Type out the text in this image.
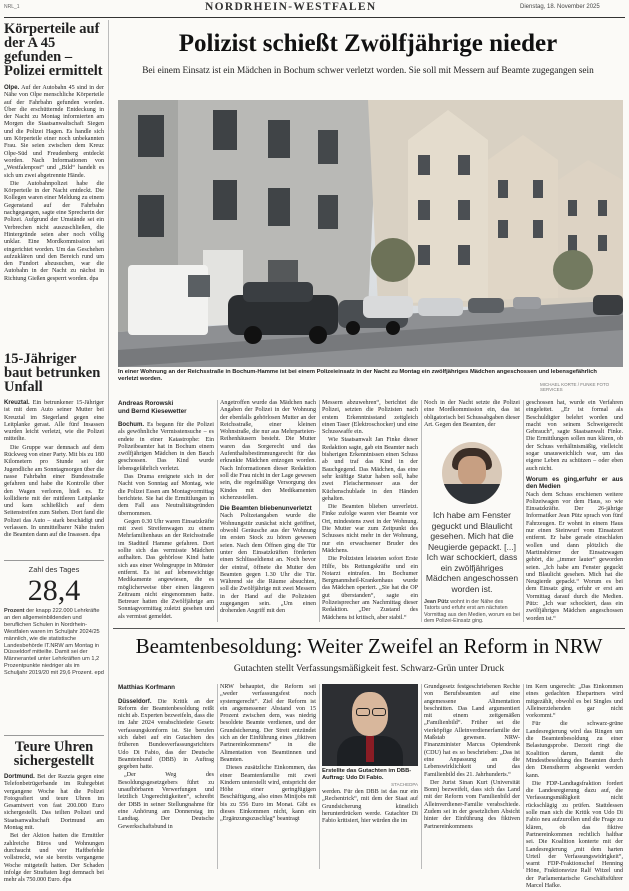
NRL_1	NORDRHEIN-WESTFALEN	Dienstag, 18. November 2025
Körperteile auf der A 45 gefunden – Polizei ermittelt

Olpe. Auf der Autobahn 45 sind in der Nähe von Olpe menschliche Körperteile auf der Fahrbahn gefunden worden. Über die erschütternde Entdeckung in der Nacht zu Montag informierten am Morgen die Staatsanwaltschaft Siegen und die Polizei Hagen. Es handle sich um Körperteile einer noch unbekannten Frau. Sie seien zwischen dem Kreuz Olpe-Süd und Freudenberg entdeckt worden. Nach Informationen von „Westfalenpost“ und „Bild“ handelt es sich um zwei abgetrennte Hände.

Die Autobahnpolizei habe die Körperteile in der Nacht entdeckt. Die Kollegen waren einer Meldung zu einem Gegenstand auf der Fahrbahn nachgegangen, sagte eine Sprecherin der Polizei. Aufgrund der Umstände sei ein Verbrechen nicht auszuschließen, die Hintergründe seien aber noch völlig unklar. Eine Mordkommission sei eingerichtet worden. Um das Geschehen aufzuklären und den Bereich rund um den Fundort abzusuchen, war die Autobahn in der Nacht zu nächst in Richtung Gießen gesperrt worden. dpa

15-Jähriger baut betrunken Unfall

Kreuztal. Ein betrunkener 15-Jähriger ist mit dem Auto seiner Mutter bei Kreuztal im Siegerland gegen eine Leitplanke gerast. Alle fünf Insassen wurden leicht verletzt, wie die Polizei mitteilte.

Die Gruppe war demnach auf dem Rückweg von einer Party. Mit bis zu 180 Kilometern pro Stunde sei der Jugendliche am Sonntagmorgen über die nasse Fahrbahn einer Bundesstraße gefahren und habe die Kontrolle über den Wagen verloren, hieß es. Er kollidierte mit der mittleren Leitplanke und kam schließlich auf dem Seitenstreifen zum Stehen. Dort fand die Polizei das Auto – stark beschädigt und verlassen. In unmittelbarer Nähe trafen die Beamten dann auf die Insassen. dpa

Zahl des Tages
28,4
Prozent der knapp 222.000 Lehrkräfte an den allgemeinbildenden und beruflichen Schulen in Nordrhein-Westfalen waren im Schuljahr 2024/25 männlich, wie die statistische Landesbehörde IT.NRW am Montag in Düsseldorf mitteilte. Damit sei der Männeranteil unter Lehrkräften um 1,2 Prozentpunkte niedriger als im Schuljahr 2019/20 mit 29,6 Prozent. epd
Teure Uhren sichergestellt

Dortmund. Bei der Razzia gegen eine Telefonbetrügerbande im Ruhrgebiet vergangene Woche hat die Polizei Fotografiert und teure Uhren im Gesamtwert von fast 200.000 Euro sichergestellt. Das teilten Polizei und Staatsanwaltschaft Dortmund am Montag mit.

Bei der Aktion hatten die Ermittler zahlreiche Büros und Wohnungen durchsucht und vier Haftbefehle vollstreckt, wie sie bereits vergangene Woche mitgeteilt hatten. Der Schaden infolge der Straftaten liegt demnach bei mehr als 750.000 Euro. dpa

Polizist schießt Zwölfjährige nieder
Bei einem Einsatz ist ein Mädchen in Bochum schwer verletzt worden. Sie soll mit Messern auf Beamte zugegangen sein
In einer Wohnung an der Reichsstraße in Bochum-Hamme ist bei einem Polizeieinsatz in der Nacht zu Montag ein zwölfjähriges Mädchen angeschossen und lebensgefährlich verletzt worden.
MICHAEL KORTE / FUNKE FOTO SERVICES
Andreas Rorowski
und Bernd Kiesewetter

Bochum. Es begann für die Polizei als gewöhnliche Vermisstensuche – es endete in einer Katastrophe: Ein Polizeibeamter hat in Bochum einem zwölfjährigen Mädchen in den Bauch geschossen. Das Kind wurde lebensgefährlich verletzt.

Das Drama ereignete sich in der Nacht von Sonntag auf Montag, wie die Polizei Essen am Montagvormittag berichtete. Sie hat die Ermittlungen in dem Fall aus Neutralitätsgründen übernommen.

Gegen 0.30 Uhr waren Einsatzkräfte mit zwei Streifenwagen zu einem Mehrfamilienhaus an der Reichsstraße im Stadtteil Hamme gefahren. Dort sollte sich das vermisste Mädchen aufhalten. Das gehörlose Kind hatte sich aus einer Wohngruppe in Münster entfernt. Es ist auf lebenswichtige Medikamente angewiesen, die es möglicherweise über einen längeren Zeitraum nicht eingenommen hatte. Betreuer hatten die Zwölfjährige am Sonntagvormittag zuletzt gesehen und als vermisst gemeldet.

Angetroffen wurde das Mädchen nach Angaben der Polizei in der Wohnung der ebenfalls gehörlosen Mutter an der Reichsstraße, einer kleinen Wohnstraße, die nur aus Mehrparteien-Reihenhäusern besteht. Die Mutter waren das Sorgerecht und das Aufenthaltsbestimmungsrecht für das erkrankte Mädchen entzogen worden. Nach Informationen dieser Redaktion soll die Frau nicht in der Lage gewesen sein, die regelmäßige Versorgung des Kindes mit den Medikamenten sicherzustellen.

Die Beamten bliebenunverletzt

Nach Polizeiangaben wurde die Wohnungstür zunächst nicht geöffnet, obwohl Geräusche aus der Wohnung im ersten Stock zu hören gewesen seien. Nach dem Öffnen ging die Tür unter den Einsatzkräften förderten einen Schlüsseldienst an. Noch bevor der eintraf, öffnete die Mutter den Beamten gegen 1.30 Uhr die Tür. Während sie die Räume absuchten, soll die Zwölfjährige mit zwei Messern in der Hand auf die Polizisten zugegangen sein. „Um einen drohenden Angriff mit den

Messern abzuwehren“, berichtet die Polizei, setzten die Polizisten nach erstem Erkenntnisstand zeitgleich einen Taser (Elektroschocker) und eine Schusswaffe ein.

Wie Staatsanwalt Jan Finke dieser Redaktion sagte, gab ein Beamter nach bisherigen Erkenntnissen einen Schuss ab und traf das Kind in der Bauchgegend. Das Mädchen, das eine sehr kräftige Statur haben soll, habe zwei Fleischermesser aus der Küchenschublade in den Händen gehalten.

Die Beamten blieben unverletzt. Finke zufolge waren vier Beamte vor Ort, mindestens zwei in der Wohnung. Die Mutter war zum Zeitpunkt des Schusses nicht mehr in der Wohnung, nur ein erwachsener Bruder des Mädchens.

Die Polizisten leisteten sofort Erste Hilfe, bis Rettungskräfte und ein Notarzt eintrafen. Im Bochumer Bergmannsheil-Krankenhaus wurde das Mädchen operiert. „Sie hat die OP gut überstanden“, sagte ein Polizeisprecher am Nachmittag dieser Redaktion. „Der Zustand des Mädchens ist kritisch, aber stabil.“

Noch in der Nacht setzte die Polizei eine Mordkommission ein, das ist obligatorisch bei Schussabgaben dieser Art. Gegen den Beamten, der

Ich habe am Fenster geguckt und Blaulicht gesehen. Mich hat die Neugierde gepackt. [...] Ich war schockiert, dass ein zwölfjähriges Mädchen angeschossen worden ist.
Jean Pütz wohnt in der Nähe des Tatorts und erfuhr erst am nächsten Vormittag aus den Medien, worum es bei dem Polizei-Einsatz ging.

geschossen hat, wurde ein Verfahren eingeleitet. „Er ist formal als Beschuldigter belehrt worden und macht von seinem Schweigerecht Gebrauch“, sagte Staatsanwalt Finke. Die Ermittlungen sollen nun klären, ob der Schuss verhältnismäßig, vielleicht sogar unausweichlich war, um das eigene Leben zu schützen – oder eben auch nicht.

Worum es ging,erfuhr er aus den Medien

Nach dem Schuss erschienen weitere Polizeiwagen vor dem Haus, so wie Einsatzkräfte. Der 26-jährige Informatiker Jean Pütz sprach von fünf Fahrzeugen. Er wohnt in einem Haus nur einen Steinwurf vom Einsatzort entfernt. Er habe gerade einschlafen wollen und dann plötzlich die Martinshörner der Einsatzwagen gehört, die „immer lauter“ geworden seien. „Ich habe am Fenster geguckt und Blaulicht gesehen. Mich hat die Neugierde gepackt.“ Worum es bei dem Einsatz ging, erfuhr er erst am Vormittag darauf durch die Medien. Pütz: „Ich war schockiert, dass ein zwölfjähriges Mädchen angeschossen worden ist.“

Beamtenbesoldung: Weiter Zweifel an Reform in NRW
Gutachten stellt Verfassungsmäßigkeit fest. Schwarz-Grün unter Druck
Matthias Korfmann

Düsseldorf. Die Kritik an der Reform der Beamtenbesoldung reißt nicht ab. Experten bezweifeln, dass die im Jahr 2024 verabschiedete Gesetz verfassungskonform ist. Sie berufen sich dabei auf ein Gutachten des früheren Bundesverfassungsrichters Udo Di Fabio, das der Deutsche Beamtenbund (DBB) in Auftrag gegeben hatte.

„Der Weg des Besoldungsgesetzgebers führt zu unaufhörbaren Verwerfungen und letztlich Ungerechtigkeiten“, schreibt der DBB in seiner Stellungnahme für eine Anhörung am Donnerstag im Landtag. Der Deutsche Gewerkschaftsbund in

NRW behauptet, die Reform sei „weder verfassungsfest noch systemgerecht“. Ziel der Reform ist ein angemessener Abstand von 15 Prozent zwischen dem, was niedrig besoldete Beamte verdienen, und der Grundsicherung. Der Streit entzündet sich an der Einführung eines „fiktiven Partnereinkommens“ in die Alimentation von Beamtinnen und Beamten.

Dieses zusätzliche Einkommen, das einer Beamtenfamilie mit zwei Kindern unterstellt wird, entspricht der Höhe einer geringfügigen Beschäftigung, also eines Minijobs mit bis zu 556 Euro im Monat. Gibt es dieses Einkommen nicht, kann ein „Ergänzungszuschlag“ beantragt

Erstellte das Gutachten im DBB-Auftrag: Udo Di Fabio.
STACHEDPA

werden. Für den DBB ist das nur ein „Rechentrick“, mit dem der Staat auf Grundsicherung künstlich herunterdrücken werde. Gutachter Di Fabio kritisiert, hier würden die im

Grundgesetz festgeschriebenen Rechte von Berufsbeamten auf eine angemessene Alimentation beschnitten. Das Land argumentiert mit einem zeitgemäßen „Familienbild“. Früher sei die vierköpfige Alleinverdienerfamilie der Maßstab gewesen. NRW-Finanzminister Marcus Optendrenk (CDU) hat es so beschrieben: „Das ist eine Anpassung an die Lebenswirklichkeit und das Familienbild des 21. Jahrhunderts.“

Der Jurist Sinan Kurt (Universität Bonn) bezweifelt, dass sich das Land mit der Reform vom Familienbild der Alleinverdiener-Familie verabschiede. Zudem sei in der gesetzlichen Absicht hinter der Einführung des fiktiven Partnereinkommens

im Kern ungerecht: „Das Einkommen eines gedachten Ehepartners wird mitgezählt, obwohl es bei Singles und Alleinerziehenden gar nicht vorkommt.“

Für die schwarz-grüne Landesregierung wird das Ringen um die Beamtenbesoldung zu einer Belastungsprobe. Derzeit ringt die Koalition darum, damit die Mindestbesoldung des Beamten durch den Dienstherrn abgesenkt werden kann.

Die FDP-Landtagsfraktion fordert die Landesregierung dazu auf, die Verfassungsmäßigkeit nicht rückschlägig zu prüfen. Stattdessen solle man sich die Kritik von Udo Di Fabio neu aufzurollen und die Frage zu klären, ob das fiktive Partnereinkommen rechtlich haltbar sei. Die Koalition konterte mit der Landesregierung „mit dem harten Urteil der Verfassungswidrigkeit“, warnt FDP-Fraktionschef Henning Höne, Fraktionsvize Ralf Witzel und der Parlamentarische Geschäftsführer Marcel Hafke.
